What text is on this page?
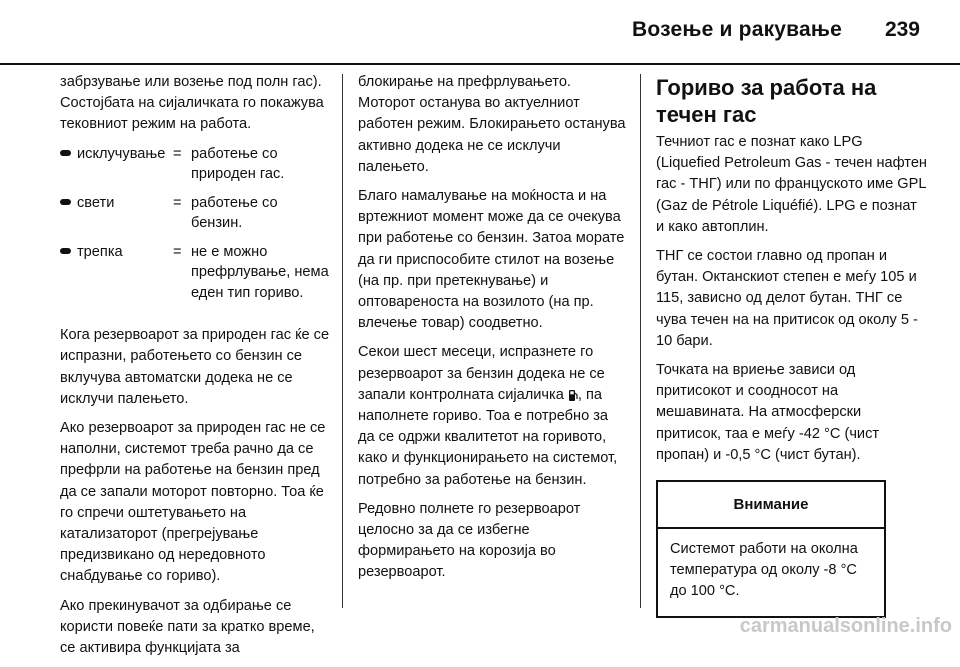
Возење и ракување 239

забрзување или возење под полн гас). Состојбата на сијаличката го покажува тековниот режим на работа.

исклучување	=	работење со природен гас.
свети	=	работење со бензин.
трепка	=	не е можно префрлување, нема еден тип гориво.

Кога резервоарот за природен гас ќе се испразни, работењето со бензин се вклучува автоматски додека не се исклучи палењето.

Ако резервоарот за природен гас не се наполни, системот треба рачно да се префрли на работење на бензин пред да се запали моторот повторно. Тоа ќе го спречи оштетувањето на катализаторот (прегрејување предизвикано од нередовното снабдување со гориво).

Ако прекинувачот за одбирање се користи повеќе пати за кратко време, се активира функцијата за

блокирање на префрлувањето. Моторот останува во актуелниот работен режим. Блокирањето останува активно додека не се исклучи палењето.

Благо намалување на моќноста и на вртежниот момент може да се очекува при работење со бензин. Затоа морате да ги приспособите стилот на возење (на пр. при претекнување) и оптовареноста на возилото (на пр. влечење товар) соодветно.

Секои шест месеци, испразнете го резервоарот за бензин додека не се запали контролната сијаличка , па наполнете гориво. Тоа е потребно за да се одржи квалитетот на горивото, како и функционирањето на системот, потребно за работење на бензин.

Редовно полнете го резервоарот целосно за да се избегне формирањето на корозија во резервоарот.

Гориво за работа на течен гас

Течниот гас е познат како LPG (Liquefied Petroleum Gas - течен нафтен гас - ТНГ) или по францускoто име GPL (Gaz de Pétrole Liquéfié). LPG е познат и како автоплин.

ТНГ се состои главно од пропан и бутан. Октанскиот степен е меѓу 105 и 115, зависно од делот бутан. ТНГ се чува течен на на притисок од околу 5 - 10 бари.

Точката на вриење зависи од притисокот и соодносот на мешавината. На атмосферски притисок, таа е меѓу -42 °C (чист пропан) и -0,5 °C (чист бутан).

Внимание
Системот работи на околна температура од околу -8 °C до 100 °C.
carmanualsonline.info
